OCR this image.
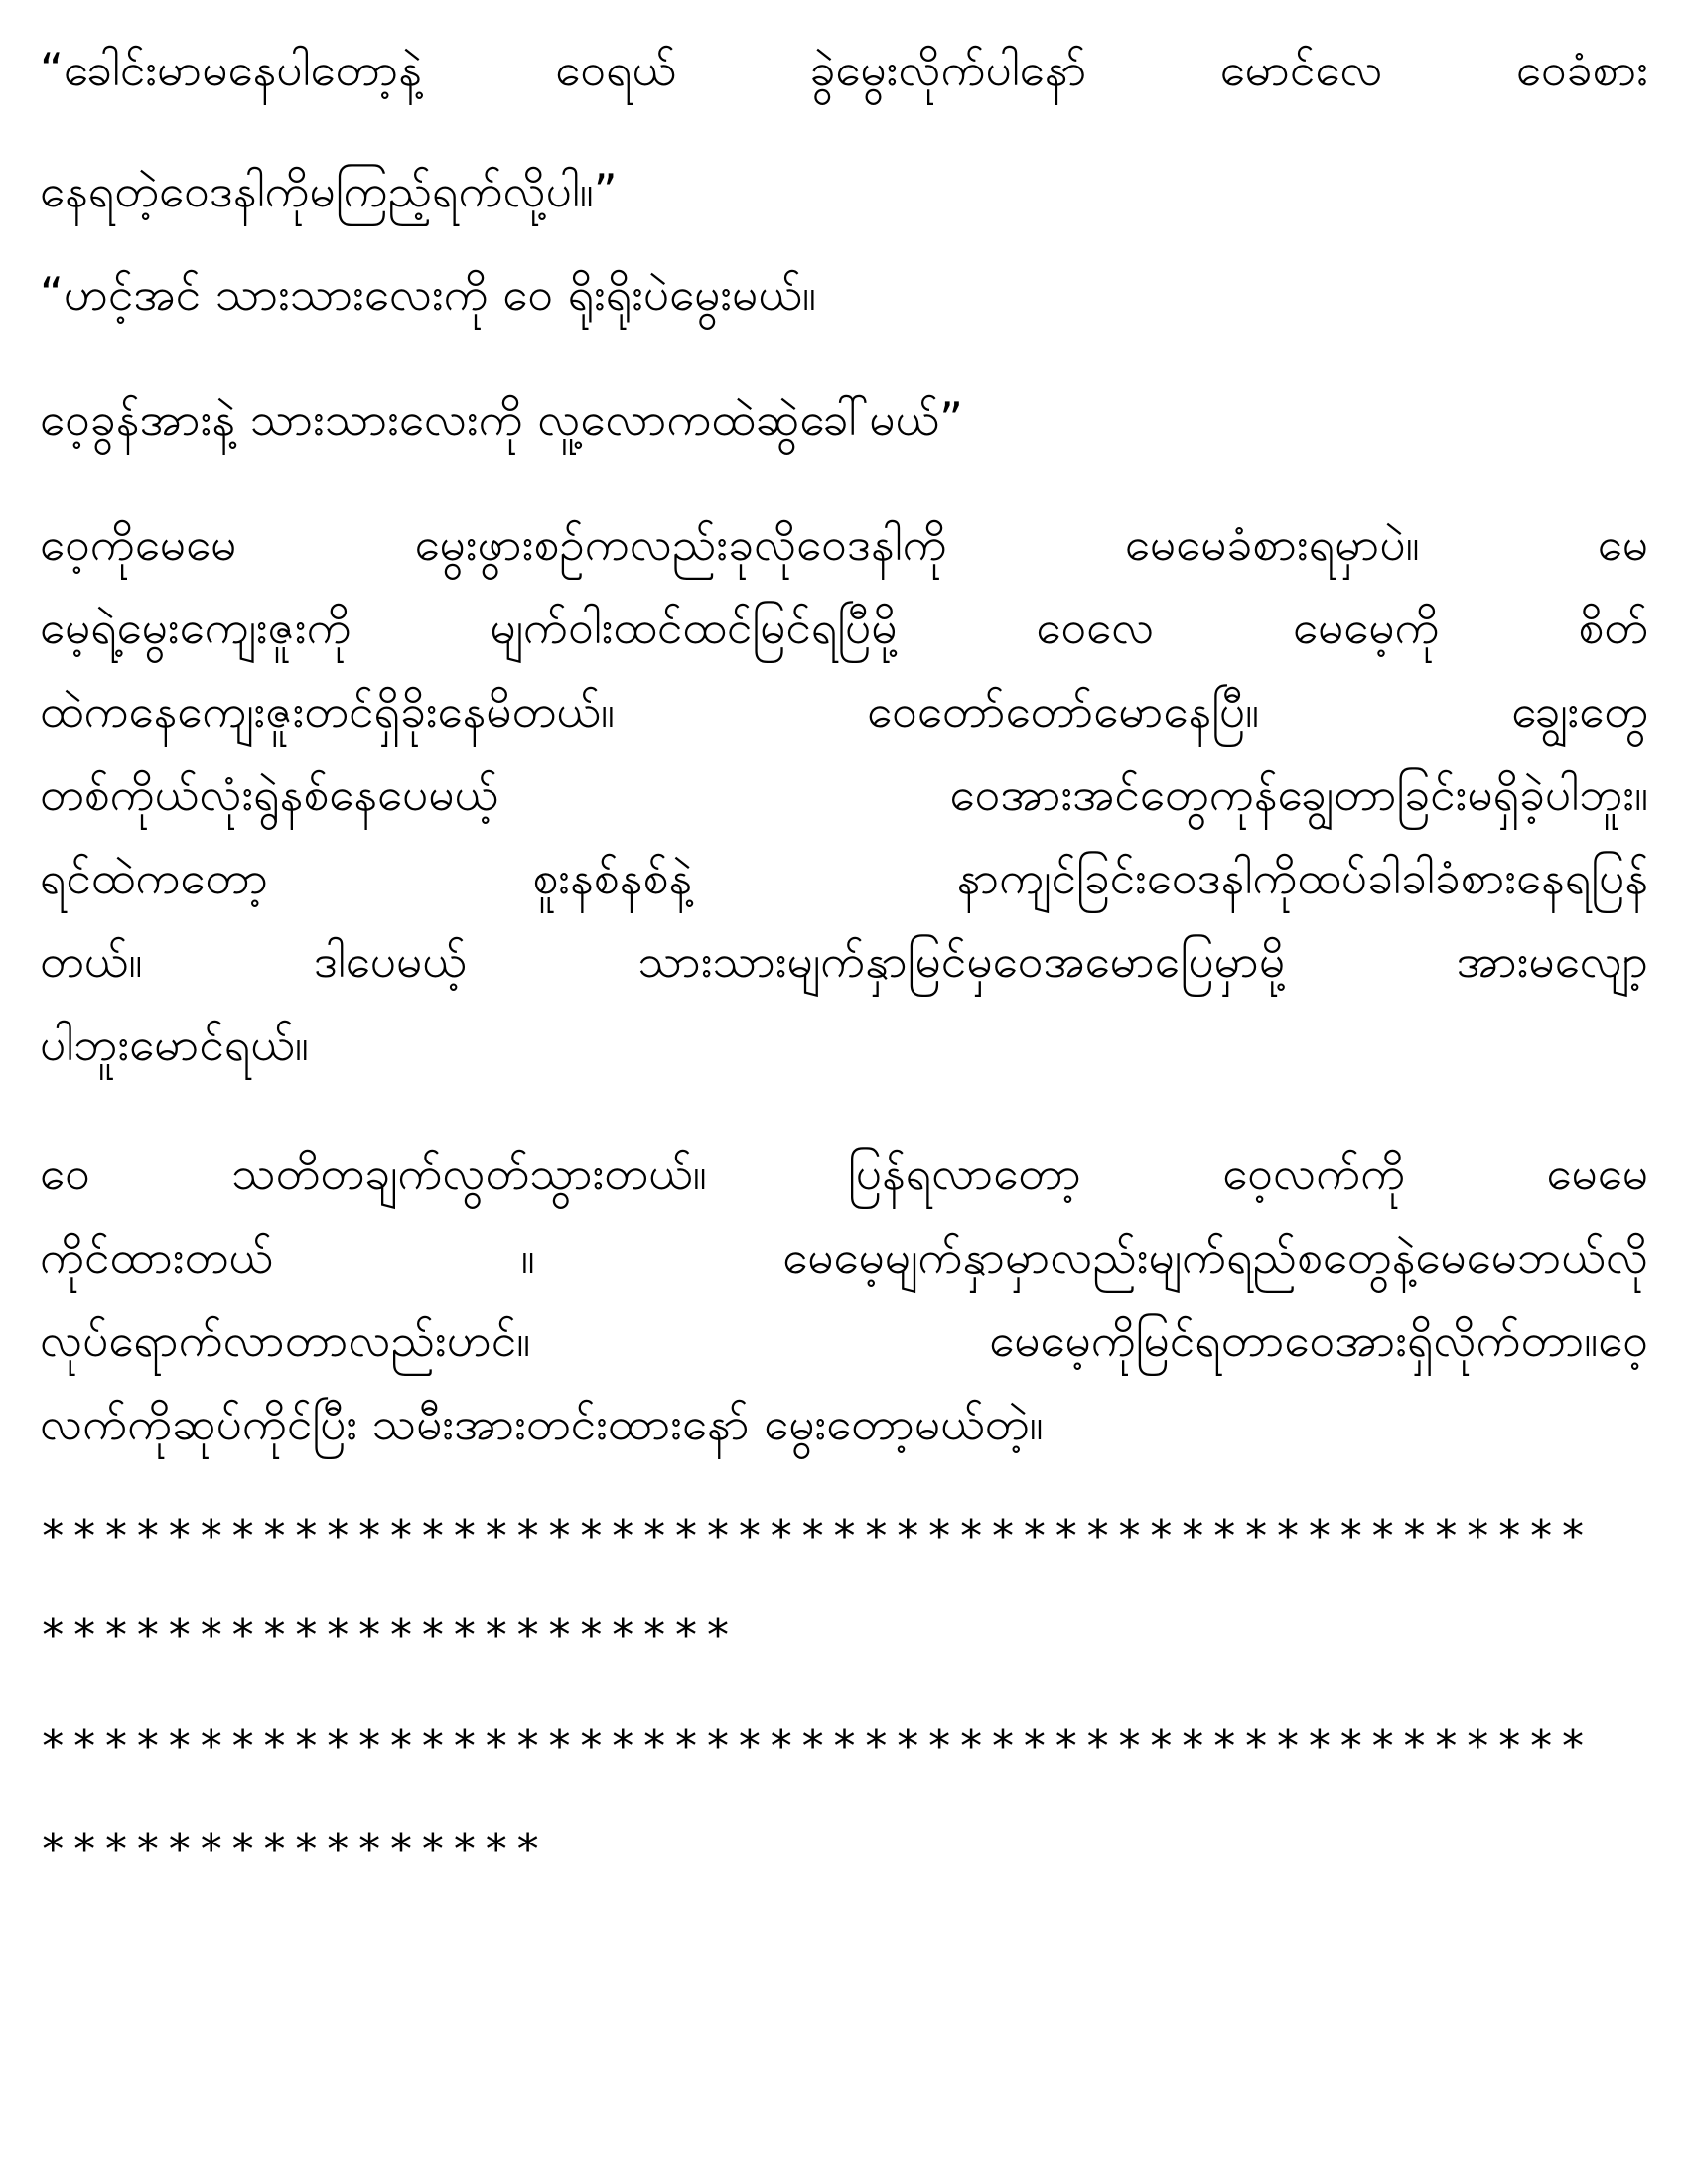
“ခေါင်းမာမနေပါတော့နဲ့ ဝေရယ် ခွဲမွေးလိုက်ပါနော် မောင်လေ ဝေခံစား
နေရတဲ့ဝေဒနါကိုမကြည့်ရက်လို့ပါ။”
“ဟင့်အင် သားသားလေးကို ဝေ ရိုးရိုးပဲမွေးမယ်။
ဝေ့ခွန်အားနဲ့ သားသားလေးကို လူ့လောကထဲဆွဲခေါ်မယ်”
ဝေ့ကိုမေမေ မွေးဖွားစဥ်ကလည်းခုလိုဝေဒနါကို မေမေခံစားရမှာပဲ။ မေ
မေ့ရဲ့မွေးကျေးဇူးကို မျက်ဝါးထင်ထင်မြင်ရပြီမို့ ဝေလေ မေမေ့ကို စိတ်
ထဲကနေကျေးဇူးတင်ရှိခိုးနေမိတယ်။ ဝေတော်တော်မောနေပြီ။ ချွေးတွေ
တစ်ကိုယ်လုံးရွဲနစ်နေပေမယ့် ဝေအားအင်တွေကုန်ချွေတာခြင်းမရှိခဲ့ပါဘူး။
ရင်ထဲကတော့ စူးနစ်နစ်နဲ့ နာကျင်ခြင်းဝေဒနါကိုထပ်ခါခါခံစားနေရပြန်
တယ်။ ဒါပေမယ့် သားသားမျက်နှာမြင်မှဝေအမောပြေမှာမို့ အားမလျော့
ပါဘူးမောင်ရယ်။
ဝေ သတိတချက်လွတ်သွားတယ်။ ပြန်ရလာတော့ ဝေ့လက်ကို မေမေ
ကိုင်ထားတယ် ။ မေမေ့မျက်နှာမှာလည်းမျက်ရည်စတွေနဲ့မေမေဘယ်လို
လုပ်ရောက်လာတာလည်းဟင်။ မေမေ့ကိုမြင်ရတာဝေအားရှိလိုက်တာ။ဝေ့
လက်ကိုဆုပ်ကိုင်ပြီး သမီးအားတင်းထားနော် မွေးတော့မယ်တဲ့။
*************************************************
**********************
*************************************************
****************
